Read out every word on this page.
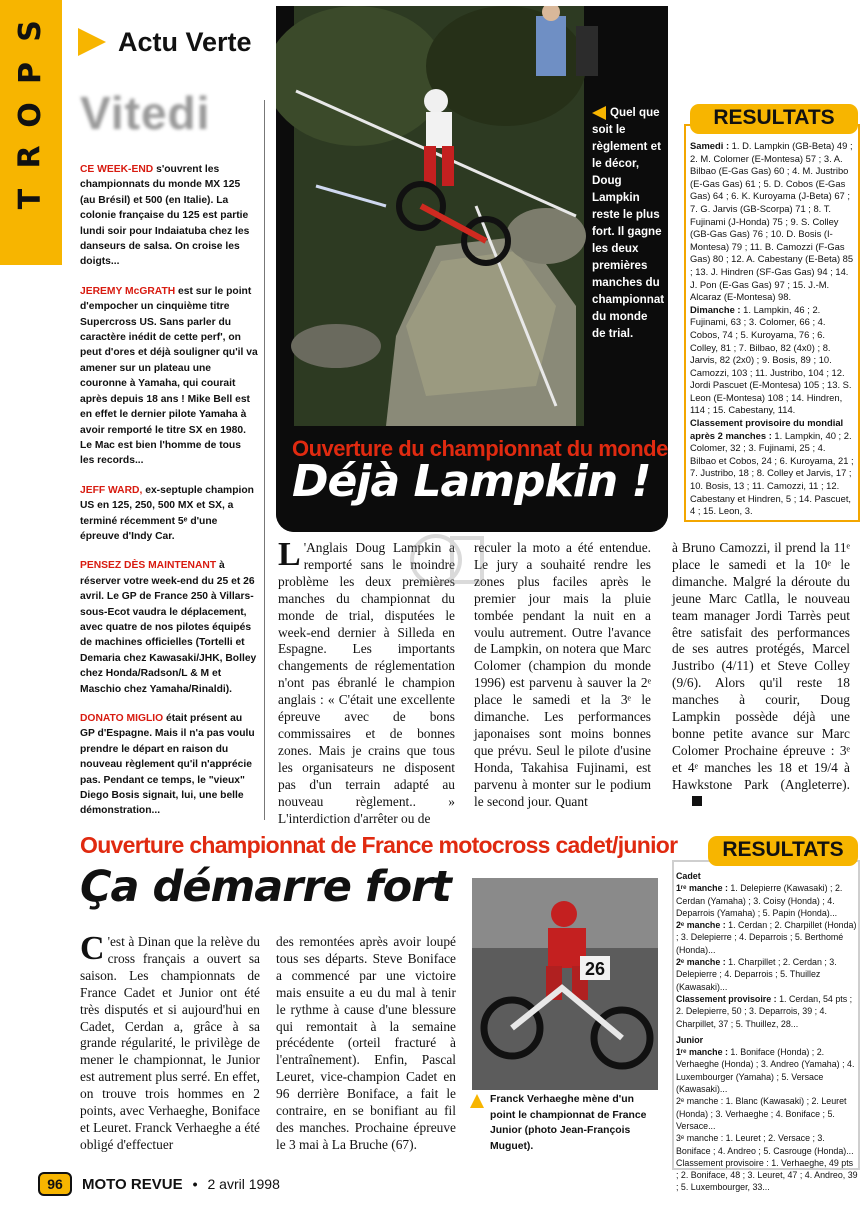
S
P
O
R
T
Actu Verte
Vitedi

CE WEEK-END s'ouvrent les championnats du monde MX 125 (au Brésil) et 500 (en Italie). La colonie française du 125 est partie lundi soir pour Indaiatuba chez les danseurs de salsa. On croise les doigts...

JEREMY McGRATH est sur le point d'empocher un cinquième titre Supercross US. Sans parler du caractère inédit de cette perf', on peut d'ores et déjà souligner qu'il va amener sur un plateau une couronne à Yamaha, qui courait après depuis 18 ans ! Mike Bell est en effet le dernier pilote Yamaha à avoir remporté le titre SX en 1980. Le Mac est bien l'homme de tous les records...

JEFF WARD, ex-septuple champion US en 125, 250, 500 MX et SX, a terminé récemment 5ᵉ d'une épreuve d'Indy Car.

PENSEZ DÈS MAINTENANT à réserver votre week-end du 25 et 26 avril. Le GP de France 250 à Villars-sous-Ecot vaudra le déplacement, avec quatre de nos pilotes équipés de machines officielles (Tortelli et Demaria chez Kawasaki/JHK, Bolley chez Honda/Radson/L & M et Maschio chez Yamaha/Rinaldi).

DONATO MIGLIO était présent au GP d'Espagne. Mais il n'a pas voulu prendre le départ en raison du nouveau règlement qu'il n'apprécie pas. Pendant ce temps, le "vieux" Diego Bosis signait, lui, une belle démonstration...

Quel que soit le règlement et le décor, Doug Lampkin reste le plus fort. Il gagne les deux premières manches du championnat du monde de trial.
Ouverture du championnat du monde
Déjà Lampkin !
RESULTATS
Samedi : 1. D. Lampkin (GB-Beta) 49 ; 2. M. Colomer (E-Montesa) 57 ; 3. A. Bilbao (E-Gas Gas) 60 ; 4. M. Justribo (E-Gas Gas) 61 ; 5. D. Cobos (E-Gas Gas) 64 ; 6. K. Kuroyama (J-Beta) 67 ; 7. G. Jarvis (GB-Scorpa) 71 ; 8. T. Fujinami (J-Honda) 75 ; 9. S. Colley (GB-Gas Gas) 76 ; 10. D. Bosis (I-Montesa) 79 ; 11. B. Camozzi (F-Gas Gas) 80 ; 12. A. Cabestany (E-Beta) 85 ; 13. J. Hindren (SF-Gas Gas) 94 ; 14. J. Pon (E-Gas Gas) 97 ; 15. J.-M. Alcaraz (E-Montesa) 98.
Dimanche : 1. Lampkin, 46 ; 2. Fujinami, 63 ; 3. Colomer, 66 ; 4. Cobos, 74 ; 5. Kuroyama, 76 ; 6. Colley, 81 ; 7. Bilbao, 82 (4x0) ; 8. Jarvis, 82 (2x0) ; 9. Bosis, 89 ; 10. Camozzi, 103 ; 11. Justribo, 104 ; 12. Jordi Pascuet (E-Montesa) 105 ; 13. S. Leon (E-Montesa) 108 ; 14. Hindren, 114 ; 15. Cabestany, 114.
Classement provisoire du mondial après 2 manches : 1. Lampkin, 40 ; 2. Colomer, 32 ; 3. Fujinami, 25 ; 4. Bilbao et Cobos, 24 ; 6. Kuroyama, 21 ; 7. Justribo, 18 ; 8. Colley et Jarvis, 17 ; 10. Bosis, 13 ; 11. Camozzi, 11 ; 12. Cabestany et Hindren, 5 ; 14. Pascuet, 4 ; 15. Leon, 3.
L 'Anglais Doug Lampkin a remporté sans le moindre problème les deux premières manches du championnat du monde de trial, disputées le week-end dernier à Silleda en Espagne. Les importants changements de réglementation n'ont pas ébranlé le champion anglais : « C'était une excellente épreuve avec de bons commissaires et de bonnes zones. Mais je crains que tous les organisateurs ne disposent pas d'un terrain adapté au nouveau règlement.. » L'interdiction d'arrêter ou de
reculer la moto a été entendue. Le jury a souhaité rendre les zones plus faciles après le premier jour mais la pluie tombée pendant la nuit en a voulu autrement. Outre l'avance de Lampkin, on notera que Marc Colomer (champion du monde 1996) est parvenu à sauver la 2ᵉ place le samedi et la 3ᵉ le dimanche. Les performances japonaises sont moins bonnes que prévu. Seul le pilote d'usine Honda, Takahisa Fujinami, est parvenu à monter sur le podium le second jour. Quant
à Bruno Camozzi, il prend la 11ᵉ place le samedi et la 10ᵉ le dimanche. Malgré la déroute du jeune Marc Catlla, le nouveau team manager Jordi Tarrès peut être satisfait des performances de ses autres protégés, Marcel Justribo (4/11) et Steve Colley (9/6). Alors qu'il reste 18 manches à courir, Doug Lampkin possède déjà une bonne petite avance sur Marc Colomer Prochaine épreuve : 3ᵉ et 4ᵉ manches les 18 et 19/4 à Hawkstone Park (Angleterre).
Ouverture championnat de France motocross cadet/junior
Ça démarre fort
C 'est à Dinan que la relève du cross français a ouvert sa saison. Les championnats de France Cadet et Junior ont été très disputés et si aujourd'hui en Cadet, Cerdan a, grâce à sa grande régularité, le privilège de mener le championnat, le Junior est autrement plus serré. En effet, on trouve trois hommes en 2 points, avec Verhaeghe, Boniface et Leuret. Franck Verhaeghe a été obligé d'effectuer
des remontées après avoir loupé tous ses départs. Steve Boniface a commencé par une victoire mais ensuite a eu du mal à tenir le rythme à cause d'une blessure qui remontait à la semaine précédente (orteil fracturé à l'entraînement). Enfin, Pascal Leuret, vice-champion Cadet en 96 derrière Boniface, a fait le contraire, en se bonifiant au fil des manches. Prochaine épreuve le 3 mai à La Bruche (67).
26
Franck Verhaeghe mène d'un point le championnat de France Junior (photo Jean-François Muguet).
RESULTATS
Cadet
1ʳᵉ manche : 1. Delepierre (Kawasaki) ; 2. Cerdan (Yamaha) ; 3. Coisy (Honda) ; 4. Deparrois (Yamaha) ; 5. Papin (Honda)...
2ᵉ manche : 1. Cerdan ; 2. Charpillet (Honda) ; 3. Delepierre ; 4. Deparrois ; 5. Berthomé (Honda)...
2ᵉ manche : 1. Charpillet ; 2. Cerdan ; 3. Delepierre ; 4. Deparrois ; 5. Thuillez (Kawasaki)...
Classement provisoire : 1. Cerdan, 54 pts ; 2. Delepierre, 50 ; 3. Deparrois, 39 ; 4. Charpillet, 37 ; 5. Thuillez, 28...

Junior
1ʳᵉ manche : 1. Boniface (Honda) ; 2. Verhaeghe (Honda) ; 3. Andreo (Yamaha) ; 4. Luxembourger (Yamaha) ; 5. Versace (Kawasaki)...
2ᵉ manche : 1. Blanc (Kawasaki) ; 2. Leuret (Honda) ; 3. Verhaeghe ; 4. Boniface ; 5. Versace...
3ᵉ manche : 1. Leuret ; 2. Versace ; 3. Boniface ; 4. Andreo ; 5. Casrouge (Honda)...
Classement provisoire : 1. Verhaeghe, 49 pts ; 2. Boniface, 48 ; 3. Leuret, 47 ; 4. Andreo, 39 ; 5. Luxembourger, 33...
96	MOTO REVUE • 2 avril 1998
